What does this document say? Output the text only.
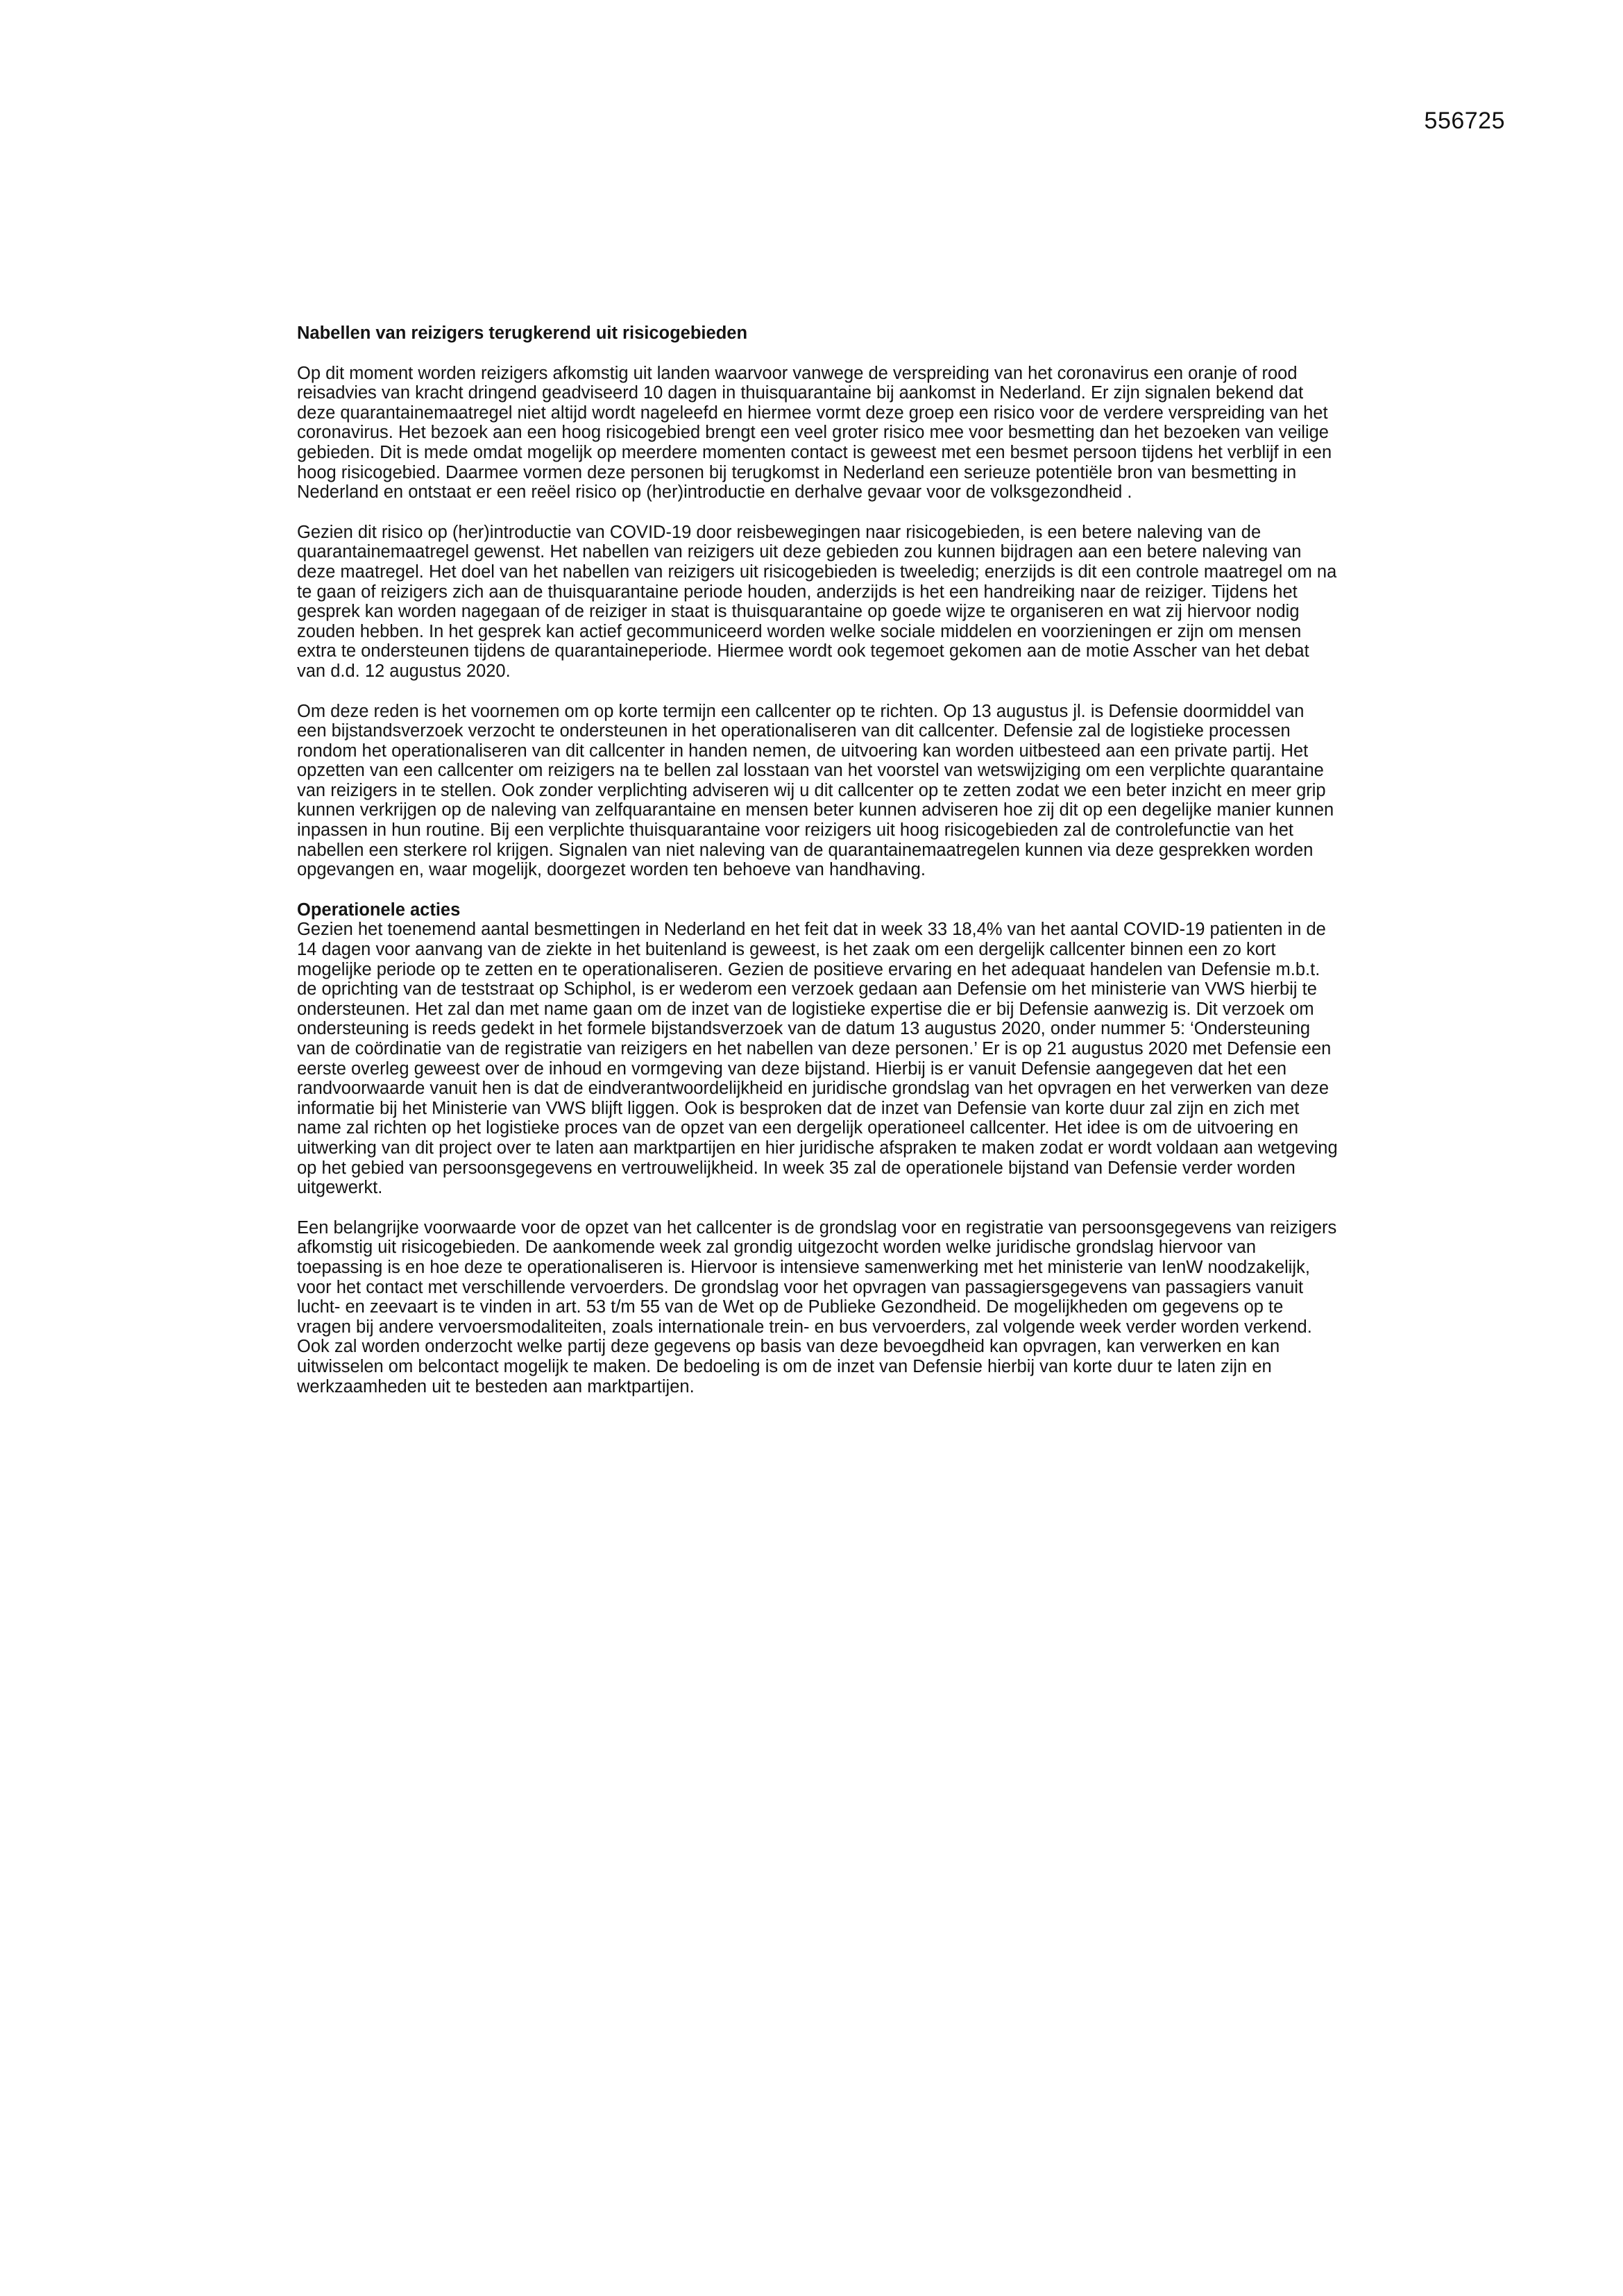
556725
Nabellen van reizigers terugkerend uit risicogebieden

Op dit moment worden reizigers afkomstig uit landen waarvoor vanwege de verspreiding van het coronavirus een oranje of rood reisadvies van kracht dringend geadviseerd 10 dagen in thuisquarantaine bij aankomst in Nederland. Er zijn signalen bekend dat deze quarantainemaatregel niet altijd wordt nageleefd en hiermee vormt deze groep een risico voor de verdere verspreiding van het coronavirus. Het bezoek aan een hoog risicogebied brengt een veel groter risico mee voor besmetting dan het bezoeken van veilige gebieden. Dit is mede omdat mogelijk op meerdere momenten contact is geweest met een besmet persoon tijdens het verblijf in een hoog risicogebied. Daarmee vormen deze personen bij terugkomst in Nederland een serieuze potentiële bron van besmetting in Nederland en ontstaat er een reëel risico op (her)introductie en derhalve gevaar voor de volksgezondheid .

Gezien dit risico op (her)introductie van COVID-19 door reisbewegingen naar risicogebieden, is een betere naleving van de quarantainemaatregel gewenst. Het nabellen van reizigers uit deze gebieden zou kunnen bijdragen aan een betere naleving van deze maatregel. Het doel van het nabellen van reizigers uit risicogebieden is tweeledig; enerzijds is dit een controle maatregel om na te gaan of reizigers zich aan de thuisquarantaine periode houden, anderzijds is het een handreiking naar de reiziger. Tijdens het gesprek kan worden nagegaan of de reiziger in staat is thuisquarantaine op goede wijze te organiseren en wat zij hiervoor nodig zouden hebben. In het gesprek kan actief gecommuniceerd worden welke sociale middelen en voorzieningen er zijn om mensen extra te ondersteunen tijdens de quarantaineperiode. Hiermee wordt ook tegemoet gekomen aan de motie Asscher van het debat van d.d. 12 augustus 2020.

Om deze reden is het voornemen om op korte termijn een callcenter op te richten. Op 13 augustus jl. is Defensie doormiddel van een bijstandsverzoek verzocht te ondersteunen in het operationaliseren van dit callcenter. Defensie zal de logistieke processen rondom het operationaliseren van dit callcenter in handen nemen, de uitvoering kan worden uitbesteed aan een private partij. Het opzetten van een callcenter om reizigers na te bellen zal losstaan van het voorstel van wetswijziging om een verplichte quarantaine van reizigers in te stellen. Ook zonder verplichting adviseren wij u dit callcenter op te zetten zodat we een beter inzicht en meer grip kunnen verkrijgen op de naleving van zelfquarantaine en mensen beter kunnen adviseren hoe zij dit op een degelijke manier kunnen inpassen in hun routine. Bij een verplichte thuisquarantaine voor reizigers uit hoog risicogebieden zal de controlefunctie van het nabellen een sterkere rol krijgen. Signalen van niet naleving van de quarantainemaatregelen kunnen via deze gesprekken worden opgevangen en, waar mogelijk, doorgezet worden ten behoeve van handhaving.

Operationele acties

Gezien het toenemend aantal besmettingen in Nederland en het feit dat in week 33 18,4% van het aantal COVID-19 patienten in de 14 dagen voor aanvang van de ziekte in het buitenland is geweest, is het zaak om een dergelijk callcenter binnen een zo kort mogelijke periode op te zetten en te operationaliseren. Gezien de positieve ervaring en het adequaat handelen van Defensie m.b.t. de oprichting van de teststraat op Schiphol, is er wederom een verzoek gedaan aan Defensie om het ministerie van VWS hierbij te ondersteunen. Het zal dan met name gaan om de inzet van de logistieke expertise die er bij Defensie aanwezig is. Dit verzoek om ondersteuning is reeds gedekt in het formele bijstandsverzoek van de datum 13 augustus 2020, onder nummer 5: ‘Ondersteuning van de coördinatie van de registratie van reizigers en het nabellen van deze personen.’ Er is op 21 augustus 2020 met Defensie een eerste overleg geweest over de inhoud en vormgeving van deze bijstand. Hierbij is er vanuit Defensie aangegeven dat het een randvoorwaarde vanuit hen is dat de eindverantwoordelijkheid en juridische grondslag van het opvragen en het verwerken van deze informatie bij het Ministerie van VWS blijft liggen. Ook is besproken dat de inzet van Defensie van korte duur zal zijn en zich met name zal richten op het logistieke proces van de opzet van een dergelijk operationeel callcenter. Het idee is om de uitvoering en uitwerking van dit project over te laten aan marktpartijen en hier juridische afspraken te maken zodat er wordt voldaan aan wetgeving op het gebied van persoonsgegevens en vertrouwelijkheid. In week 35 zal de operationele bijstand van Defensie verder worden uitgewerkt.

Een belangrijke voorwaarde voor de opzet van het callcenter is de grondslag voor en registratie van persoonsgegevens van reizigers afkomstig uit risicogebieden. De aankomende week zal grondig uitgezocht worden welke juridische grondslag hiervoor van toepassing is en hoe deze te operationaliseren is. Hiervoor is intensieve samenwerking met het ministerie van IenW noodzakelijk, voor het contact met verschillende vervoerders. De grondslag voor het opvragen van passagiersgegevens van passagiers vanuit lucht- en zeevaart is te vinden in art. 53 t/m 55 van de Wet op de Publieke Gezondheid. De mogelijkheden om gegevens op te vragen bij andere vervoersmodaliteiten, zoals internationale trein- en bus vervoerders, zal volgende week verder worden verkend. Ook zal worden onderzocht welke partij deze gegevens op basis van deze bevoegdheid kan opvragen, kan verwerken en kan uitwisselen om belcontact mogelijk te maken. De bedoeling is om de inzet van Defensie hierbij van korte duur te laten zijn en werkzaamheden uit te besteden aan marktpartijen.
